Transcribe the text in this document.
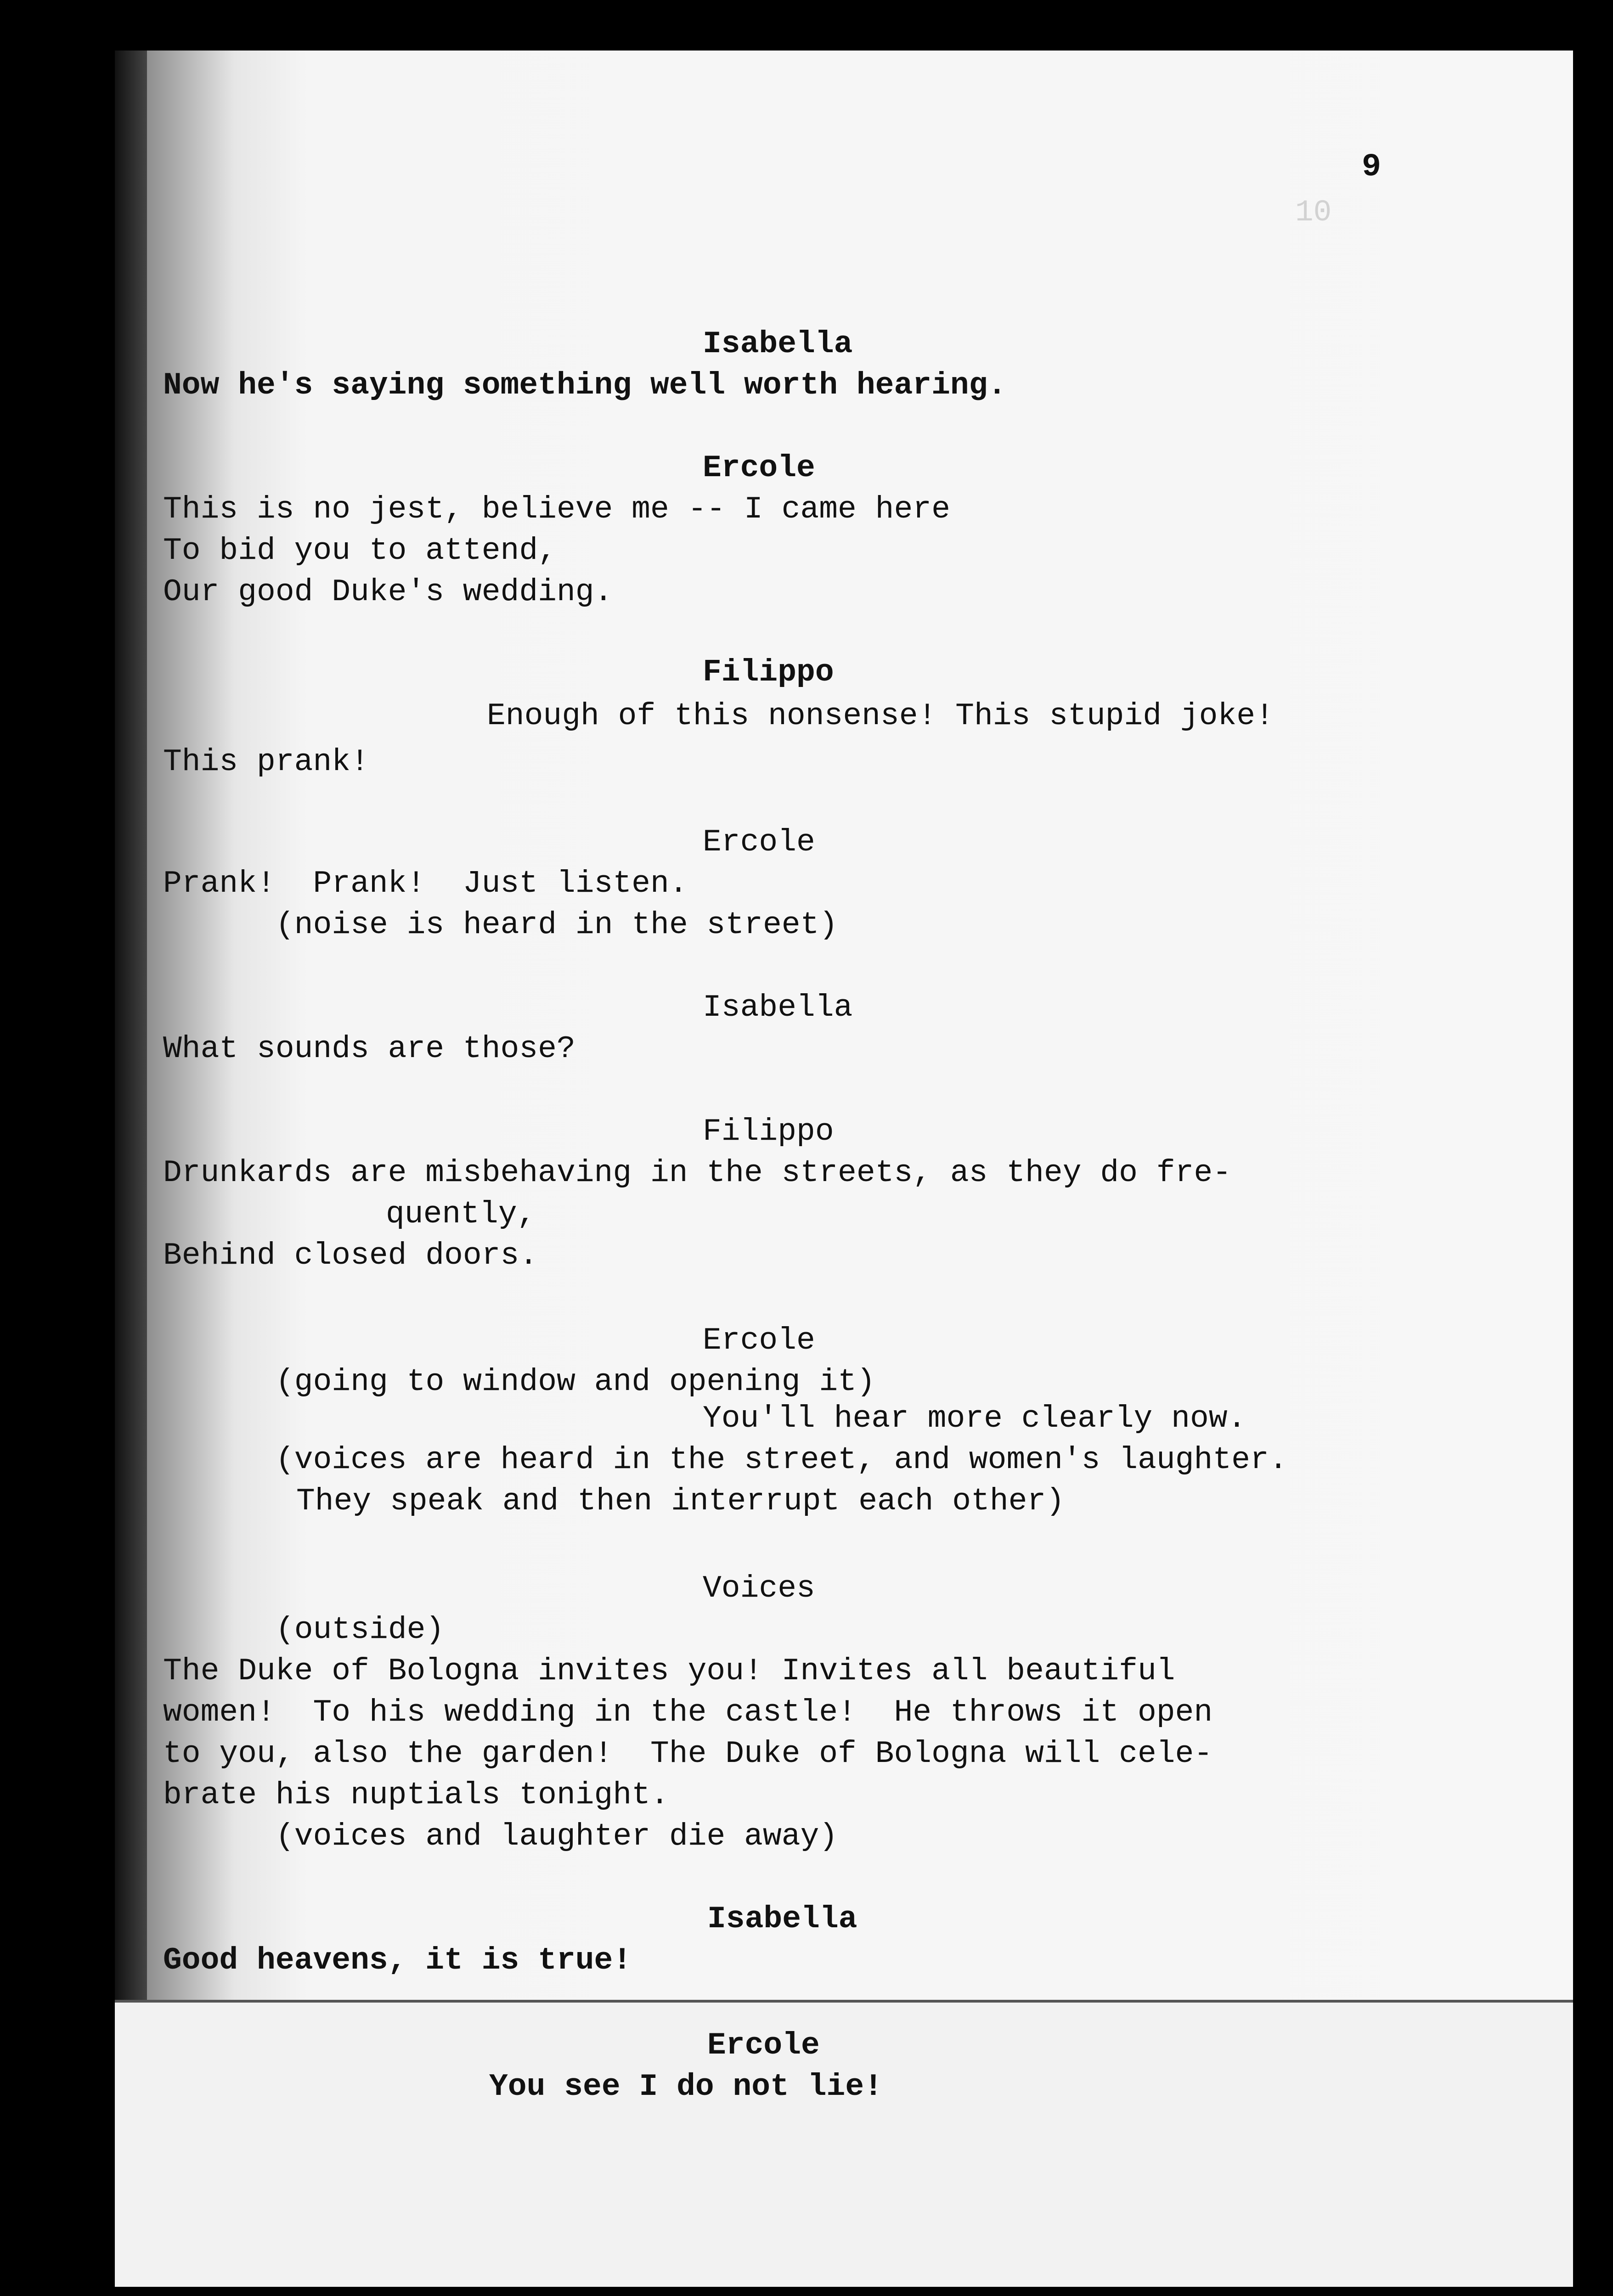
9
10
Isabella
Now he's saying something well worth hearing.
Ercole
This is no jest, believe me -- I came here
To bid you to attend,
Our good Duke's wedding.
Filippo
Enough of this nonsense! This stupid joke!
This prank!
Ercole
Prank!  Prank!  Just listen.
(noise is heard in the street)
Isabella
What sounds are those?
Filippo
Drunkards are misbehaving in the streets, as they do fre-
quently,
Behind closed doors.
Ercole
(going to window and opening it)
You'll hear more clearly now.
(voices are heard in the street, and women's laughter.
They speak and then interrupt each other)
Voices
(outside)
The Duke of Bologna invites you! Invites all beautiful
women!  To his wedding in the castle!  He throws it open
to you, also the garden!  The Duke of Bologna will cele-
brate his nuptials tonight.
(voices and laughter die away)
Isabella
Good heavens, it is true!
Ercole
You see I do not lie!
